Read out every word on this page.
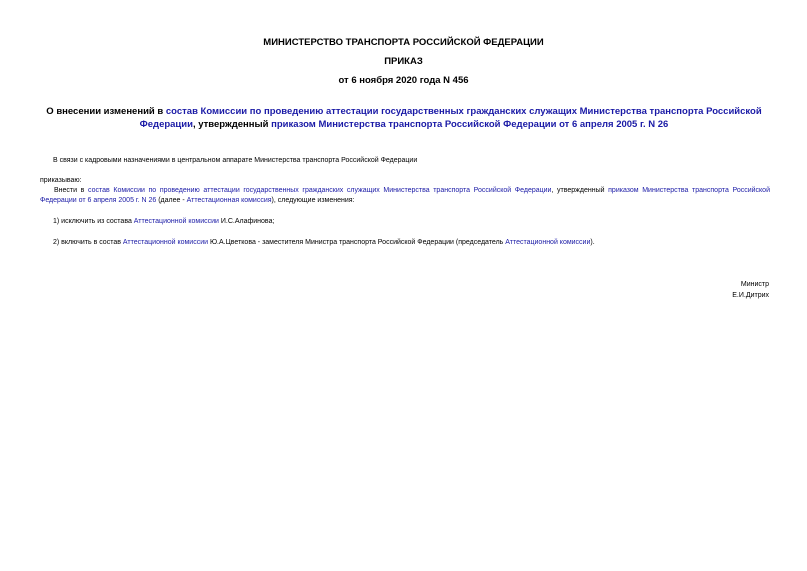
МИНИСТЕРСТВО ТРАНСПОРТА РОССИЙСКОЙ ФЕДЕРАЦИИ
ПРИКАЗ
от 6 ноября 2020 года N 456
О внесении изменений в состав Комиссии по проведению аттестации государственных гражданских служащих Министерства транспорта Российской Федерации, утвержденный приказом Министерства транспорта Российской Федерации от 6 апреля 2005 г. N 26
В связи с кадровыми назначениями в центральном аппарате Министерства транспорта Российской Федерации
приказываю:
Внести в состав Комиссии по проведению аттестации государственных гражданских служащих Министерства транспорта Российской Федерации, утвержденный приказом Министерства транспорта Российской Федерации от 6 апреля 2005 г. N 26 (далее - Аттестационная комиссия), следующие изменения:
1) исключить из состава Аттестационной комиссии И.С.Алафинова;
2) включить в состав Аттестационной комиссии Ю.А.Цветкова - заместителя Министра транспорта Российской Федерации (председатель Аттестационной комиссии).
Министр
Е.И.Дитрих
